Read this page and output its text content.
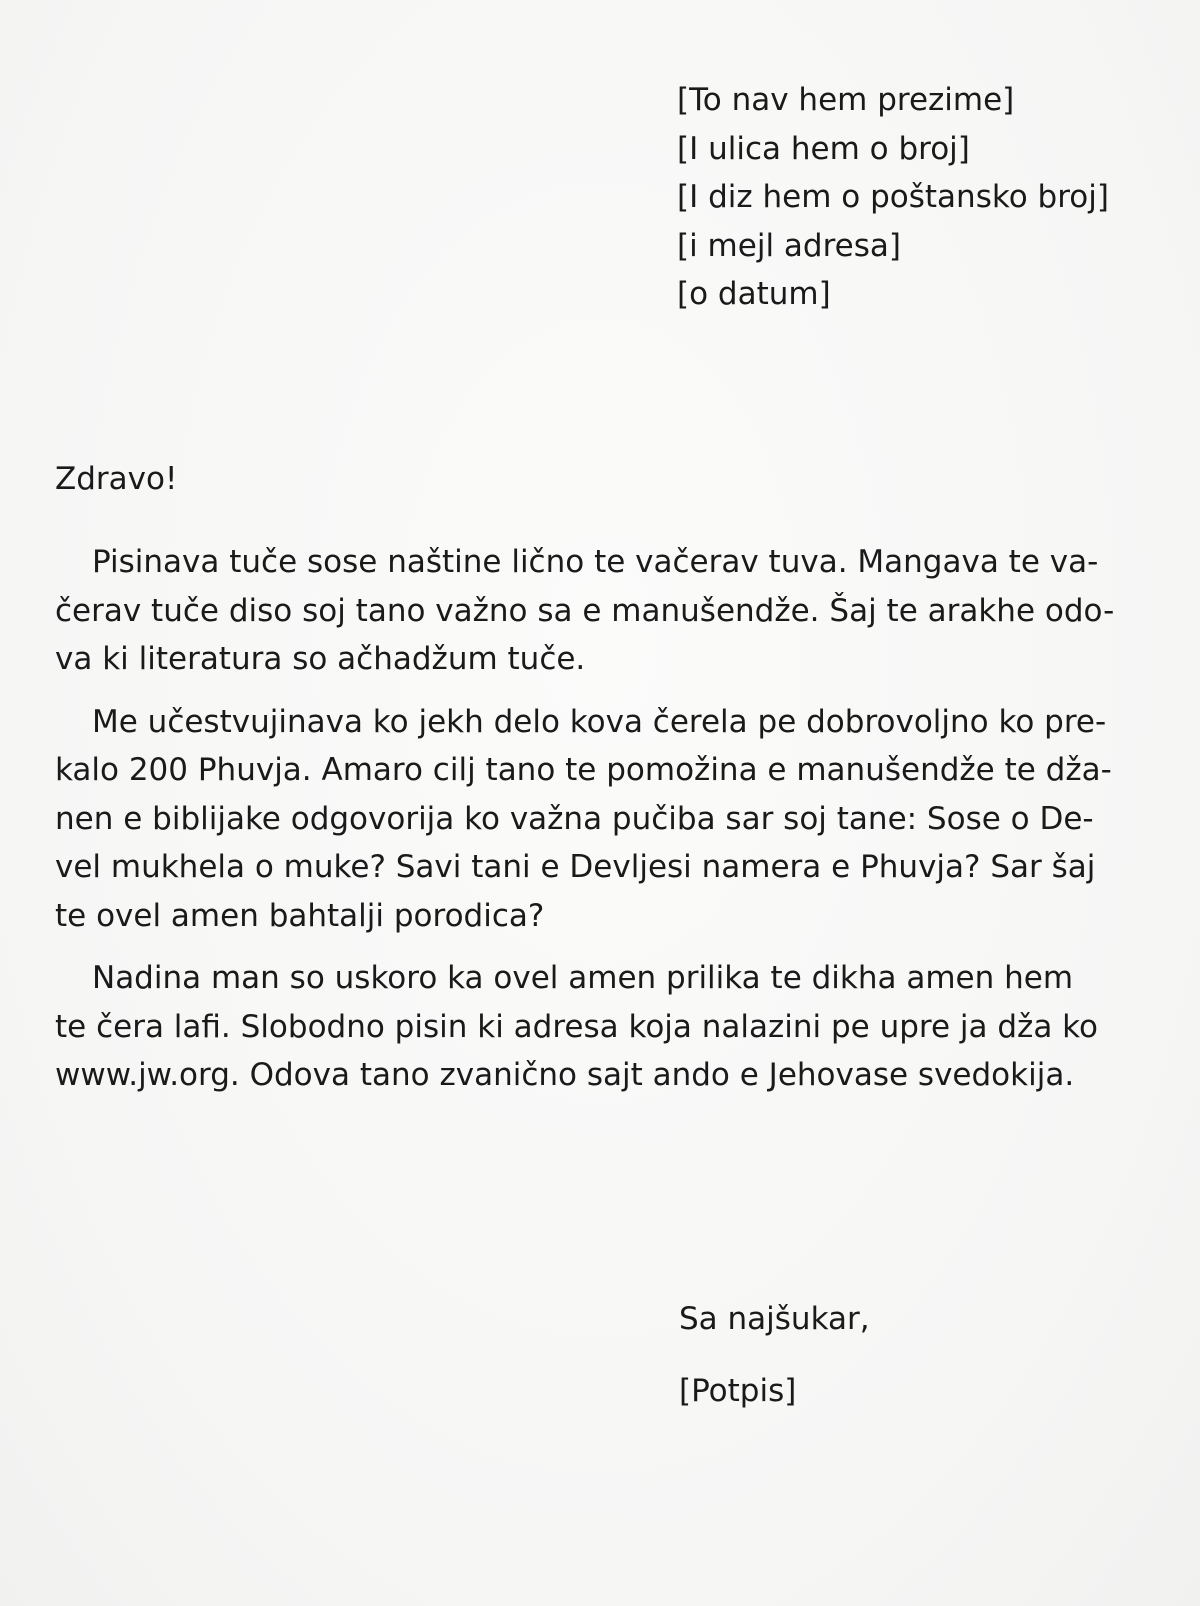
[To nav hem prezime]
[I ulica hem o broj]
[I diz hem o poštansko broj]
[i mejl adresa]
[o datum]
Zdravo!

Pisinava tuče sose naštine lično te vačerav tuva. Mangava te va-
čerav tuče diso soj tano važno sa e manušendže. Šaj te arakhe odo-
va ki literatura so ačhadžum tuče.

Me učestvujinava ko jekh delo kova čerela pe dobrovoljno ko pre-
kalo 200 Phuvja. Amaro cilj tano te pomožina e manušendže te dža-
nen e biblijake odgovorija ko važna pučiba sar soj tane: Sose o De-
vel mukhela o muke? Savi tani e Devljesi namera e Phuvja? Sar šaj
te ovel amen bahtalji porodica?

Nadina man so uskoro ka ovel amen prilika te dikha amen hem
te čera lafi. Slobodno pisin ki adresa koja nalazini pe upre ja dža ko
www.jw.org. Odova tano zvanično sajt ando e Jehovase svedokija.

Sa najšukar,
[Potpis]
